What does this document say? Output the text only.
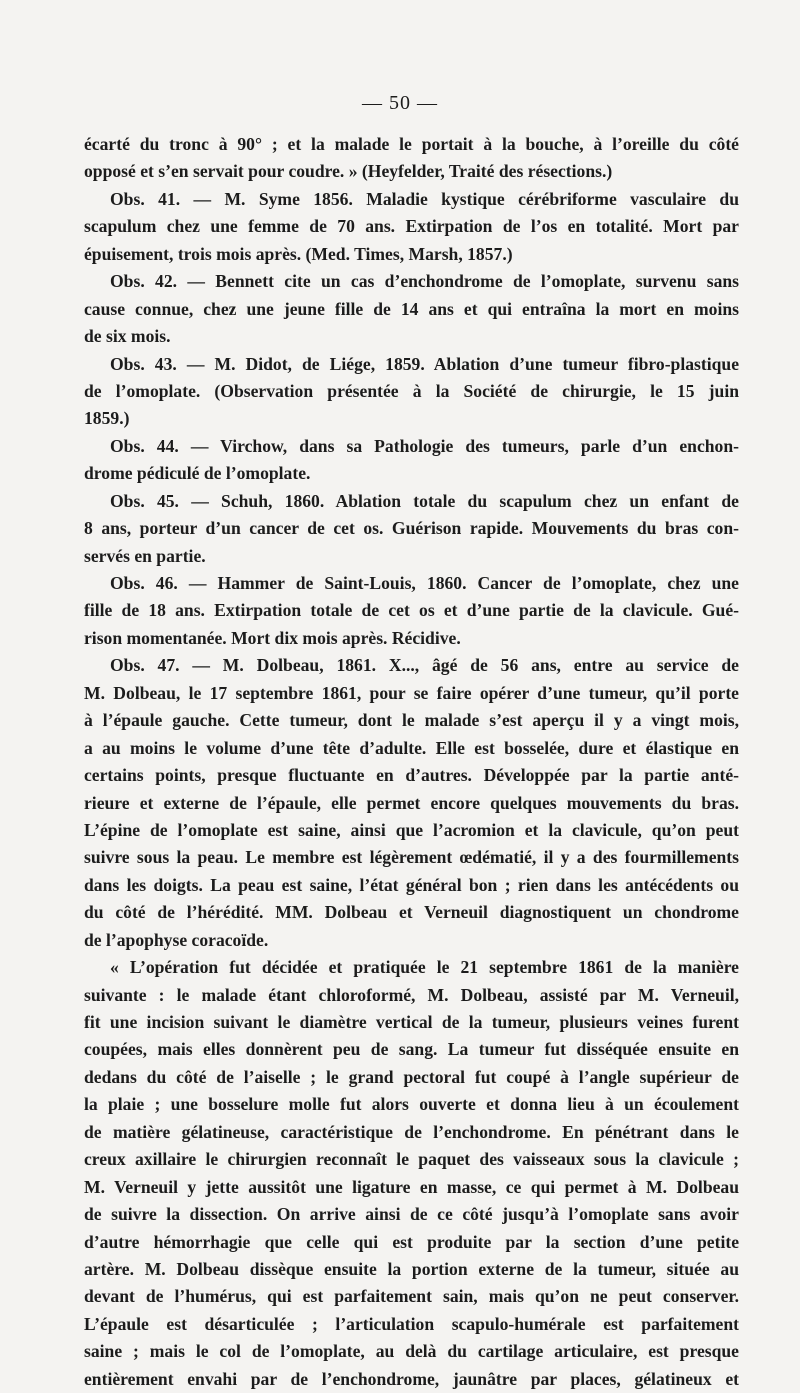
— 50 —
écarté du tronc à 90° ; et la malade le portait à la bouche, à l’oreille du côté
opposé et s’en servait pour coudre. » (Heyfelder, Traité des résections.)
Obs. 41. — M. Syme 1856. Maladie kystique cérébriforme vasculaire du
scapulum chez une femme de 70 ans. Extirpation de l’os en totalité. Mort par
épuisement, trois mois après. (Med. Times, Marsh, 1857.)
Obs. 42. — Bennett cite un cas d’enchondrome de l’omoplate, survenu sans
cause connue, chez une jeune fille de 14 ans et qui entraîna la mort en moins
de six mois.
Obs. 43. — M. Didot, de Liége, 1859. Ablation d’une tumeur fibro-plastique
de l’omoplate. (Observation présentée à la Société de chirurgie, le 15 juin
1859.)
Obs. 44. — Virchow, dans sa Pathologie des tumeurs, parle d’un enchon-
drome pédiculé de l’omoplate.
Obs. 45. — Schuh, 1860. Ablation totale du scapulum chez un enfant de
8 ans, porteur d’un cancer de cet os. Guérison rapide. Mouvements du bras con-
servés en partie.
Obs. 46. — Hammer de Saint-Louis, 1860. Cancer de l’omoplate, chez une
fille de 18 ans. Extirpation totale de cet os et d’une partie de la clavicule. Gué-
rison momentanée. Mort dix mois après. Récidive.
Obs. 47. — M. Dolbeau, 1861. X..., âgé de 56 ans, entre au service de
M. Dolbeau, le 17 septembre 1861, pour se faire opérer d’une tumeur, qu’il porte
à l’épaule gauche. Cette tumeur, dont le malade s’est aperçu il y a vingt mois,
a au moins le volume d’une tête d’adulte. Elle est bosselée, dure et élastique en
certains points, presque fluctuante en d’autres. Développée par la partie anté-
rieure et externe de l’épaule, elle permet encore quelques mouvements du bras.
L’épine de l’omoplate est saine, ainsi que l’acromion et la clavicule, qu’on peut
suivre sous la peau. Le membre est légèrement œdématié, il y a des fourmillements
dans les doigts. La peau est saine, l’état général bon ; rien dans les antécédents ou
du côté de l’hérédité. MM. Dolbeau et Verneuil diagnostiquent un chondrome
de l’apophyse coracoïde.
« L’opération fut décidée et pratiquée le 21 septembre 1861 de la manière
suivante : le malade étant chloroformé, M. Dolbeau, assisté par M. Verneuil,
fit une incision suivant le diamètre vertical de la tumeur, plusieurs veines furent
coupées, mais elles donnèrent peu de sang. La tumeur fut disséquée ensuite en
dedans du côté de l’aiselle ; le grand pectoral fut coupé à l’angle supérieur de
la plaie ; une bosselure molle fut alors ouverte et donna lieu à un écoulement
de matière gélatineuse, caractéristique de l’enchondrome. En pénétrant dans le
creux axillaire le chirurgien reconnaît le paquet des vaisseaux sous la clavicule ;
M. Verneuil y jette aussitôt une ligature en masse, ce qui permet à M. Dolbeau
de suivre la dissection. On arrive ainsi de ce côté jusqu’à l’omoplate sans avoir
d’autre hémorrhagie que celle qui est produite par la section d’une petite
artère. M. Dolbeau dissèque ensuite la portion externe de la tumeur, située au
devant de l’humérus, qui est parfaitement sain, mais qu’on ne peut conserver.
L’épaule est désarticulée ; l’articulation scapulo-humérale est parfaitement
saine ; mais le col de l’omoplate, au delà du cartilage articulaire, est presque
entièrement envahi par de l’enchondrome, jaunâtre par places, gélatineux et
